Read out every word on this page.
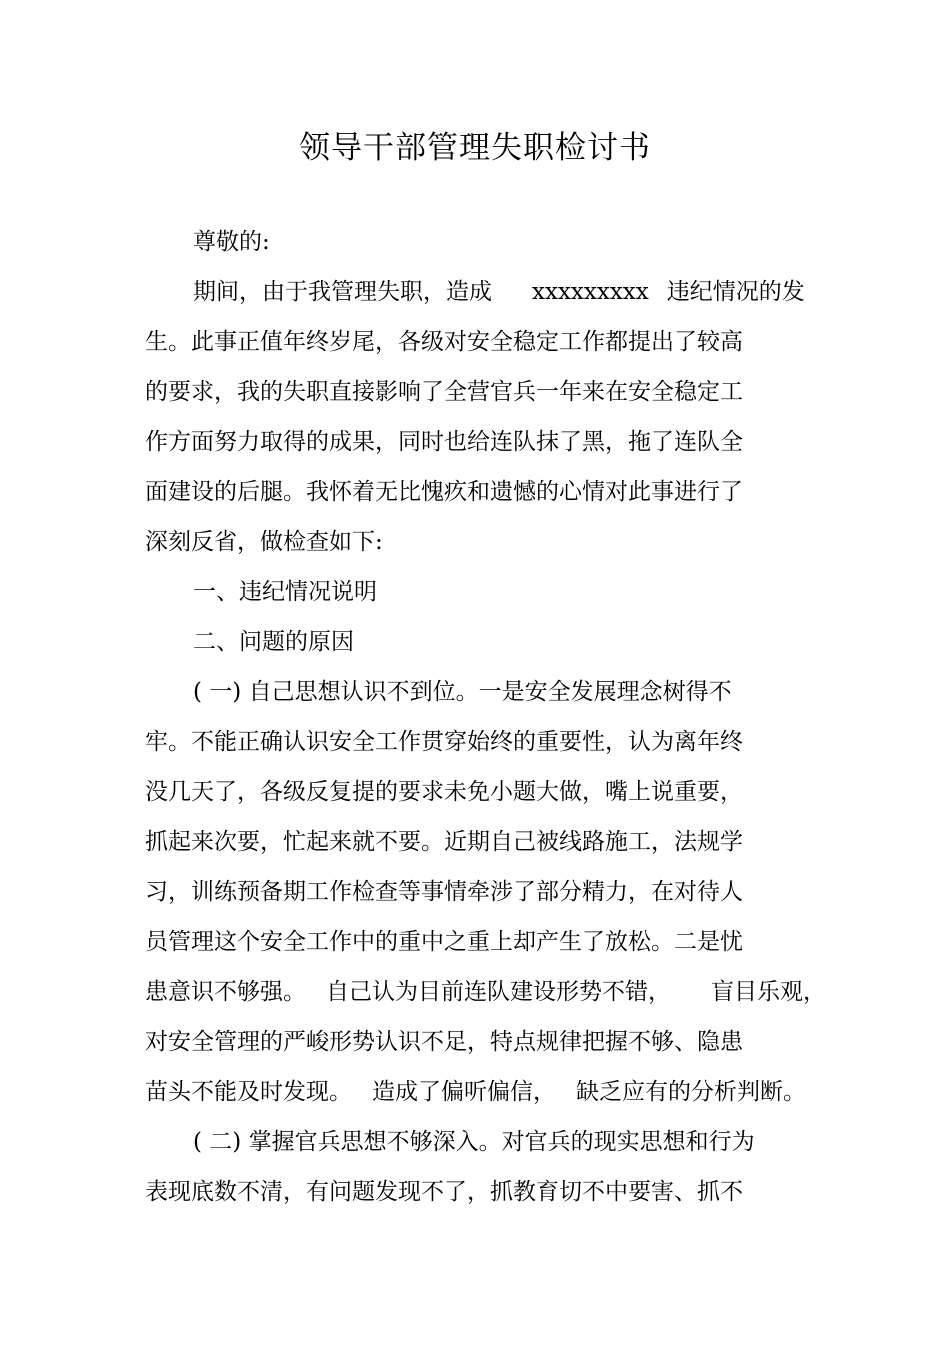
领导干部管理失职检讨书
尊敬的:
期间，由于我管理失职，造成 xxxxxxxxx 违纪情况的发
生。此事正值年终岁尾，各级对安全稳定工作都提出了较高
的要求，我的失职直接影响了全营官兵一年来在安全稳定工
作方面努力取得的成果，同时也给连队抹了黑，拖了连队全
面建设的后腿。我怀着无比愧疚和遗憾的心情对此事进行了
深刻反省，做检查如下:
一、违纪情况说明
二、问题的原因
( 一) 自己思想认识不到位。一是安全发展理念树得不
牢。不能正确认识安全工作贯穿始终的重要性，认为离年终
没几天了，各级反复提的要求未免小题大做，嘴上说重要，
抓起来次要，忙起来就不要。近期自己被线路施工，法规学
习，训练预备期工作检查等事情牵涉了部分精力，在对待人
员管理这个安全工作中的重中之重上却产生了放松。二是忧
患意识不够强。 自己认为目前连队建设形势不错， 盲目乐观，
对安全管理的严峻形势认识不足，特点规律把握不够、隐患
苗头不能及时发现。 造成了偏听偏信， 缺乏应有的分析判断。
( 二) 掌握官兵思想不够深入。对官兵的现实思想和行为
表现底数不清，有问题发现不了，抓教育切不中要害、抓不
